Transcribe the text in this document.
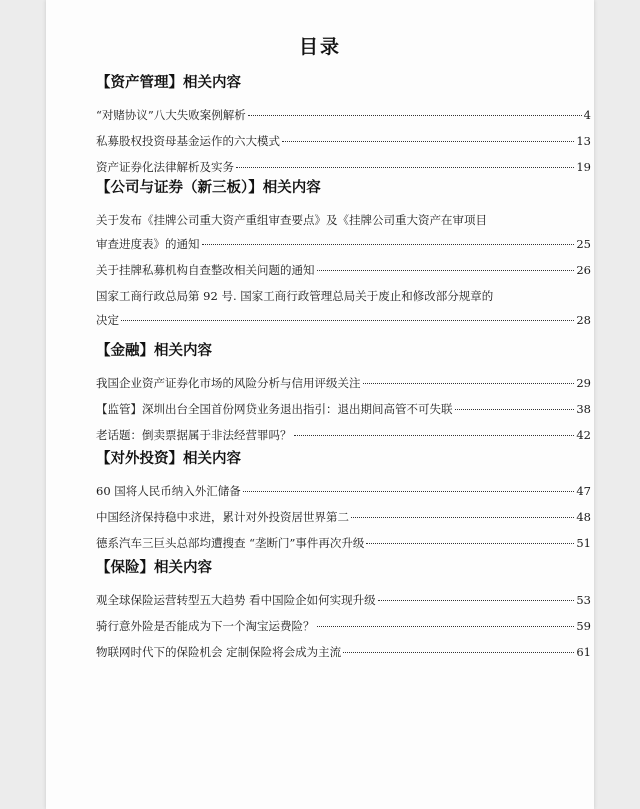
目录
【资产管理】相关内容
“对赌协议”八大失败案例解析	4
私募股权投资母基金运作的六大模式	13
资产证券化法律解析及实务	19
【公司与证券（新三板）】相关内容
关于发布《挂牌公司重大资产重组审查要点》及《挂牌公司重大资产在审项目
审查进度表》的通知	25
关于挂牌私募机构自查整改相关问题的通知	26
国家工商行政总局第 92 号. 国家工商行政管理总局关于废止和修改部分规章的
决定	28
【金融】相关内容
我国企业资产证券化市场的风险分析与信用评级关注	29
【监管】深圳出台全国首份网贷业务退出指引：退出期间高管不可失联	38
老话题：倒卖票据属于非法经营罪吗？	42
【对外投资】相关内容
60 国将人民币纳入外汇储备	47
中国经济保持稳中求进，累计对外投资居世界第二	48
德系汽车三巨头总部均遭搜查 “垄断门”事件再次升级	51
【保险】相关内容
观全球保险运营转型五大趋势 看中国险企如何实现升级	53
骑行意外险是否能成为下一个淘宝运费险？	59
物联网时代下的保险机会 定制保险将会成为主流	61
